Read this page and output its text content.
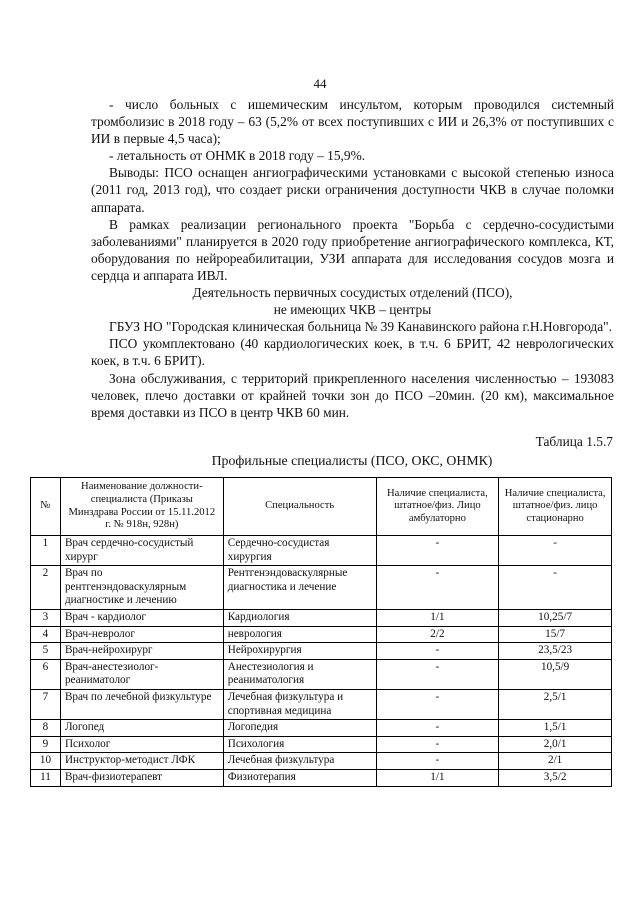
44

- число больных с ишемическим инсультом, которым проводился системный тромболизис в 2018 году – 63 (5,2% от всех поступивших с ИИ и 26,3% от поступивших с ИИ в первые 4,5 часа);

- летальность от ОНМК в 2018 году – 15,9%.

Выводы: ПСО оснащен ангиографическими установками с высокой степенью износа (2011 год, 2013 год), что создает риски ограничения доступности ЧКВ в случае поломки аппарата.

В рамках реализации регионального проекта "Борьба с сердечно-сосудистыми заболеваниями" планируется в 2020 году приобретение ангиографического комплекса, КТ, оборудования по нейрореабилитации, УЗИ аппарата для исследования сосудов мозга и сердца и аппарата ИВЛ.

Деятельность первичных сосудистых отделений (ПСО),

не имеющих ЧКВ – центры

ГБУЗ НО "Городская клиническая больница № 39 Канавинского района г.Н.Новгорода".

ПСО укомплектовано (40 кардиологических коек, в т.ч. 6 БРИТ, 42 неврологических коек, в т.ч. 6 БРИТ).

Зона обслуживания, с территорий прикрепленного населения численностью – 193083 человек, плечо доставки от крайней точки зон до ПСО –20мин. (20 км), максимальное время доставки из ПСО в центр ЧКВ 60 мин.

Таблица 1.5.7
Профильные специалисты (ПСО, ОКС, ОНМК)
№	Наименование должности-специалиста (Приказы Минздрава России от 15.11.2012 г. № 918н, 928н)	Специальность	Наличие специалиста, штатное/физ. Лицо амбулаторно	Наличие специалиста, штатное/физ. лицо стационарно
1	Врач сердечно-сосудистый хирург	Сердечно-сосудистая хирургия	-	-
2	Врач по рентгенэндоваскулярным диагностике и лечению	Рентгенэндоваскулярные диагностика и лечение	-	-
3	Врач - кардиолог	Кардиология	1/1	10,25/7
4	Врач-невролог	неврология	2/2	15/7
5	Врач-нейрохирург	Нейрохирургия	-	23,5/23
6	Врач-анестезиолог-реаниматолог	Анестезиология и реаниматология	-	10,5/9
7	Врач по лечебной физкультуре	Лечебная физкультура и спортивная медицина	-	2,5/1
8	Логопед	Логопедия	-	1,5/1
9	Психолог	Психология	-	2,0/1
10	Инструктор-методист ЛФК	Лечебная физкультура	-	2/1
11	Врач-физиотерапевт	Физиотерапия	1/1	3,5/2
